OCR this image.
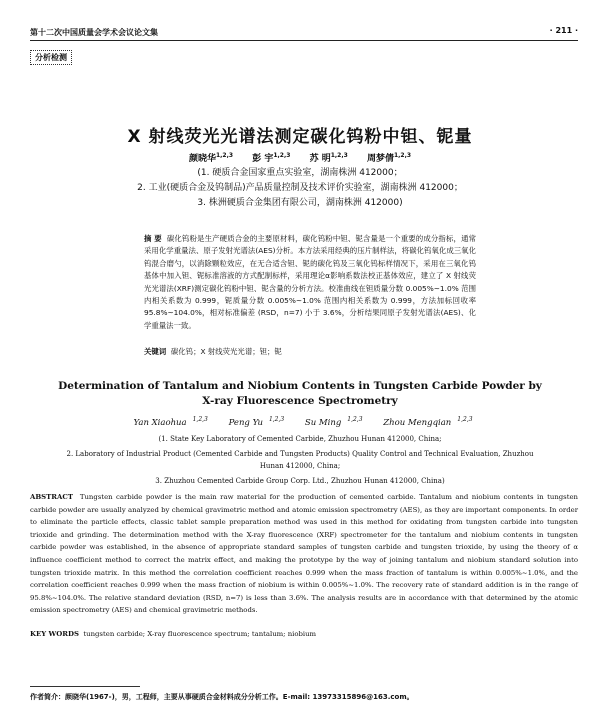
第十二次中国质量会学术会议论文集	· 211 ·
分析检测
X 射线荧光光谱法测定碳化钨粉中钽、铌量
颜晓华$^{1,2,3}$ 彭 宇$^{1,2,3}$ 苏 明$^{1,2,3}$ 周梦倩$^{1,2,3}$
(1. 硬质合金国家重点实验室，湖南株洲 412000；
2. 工业(硬质合金及钨制品)产品质量控制及技术评价实验室，湖南株洲 412000；
3. 株洲硬质合金集团有限公司，湖南株洲 412000)
摘 要 碳化钨粉是生产硬质合金的主要原材料，碳化钨粉中钽、铌含量是一个重要的成分指标，通常采用化学重量法、原子发射光谱法(AES)分析。本方法采用经典的压片制样法，将碳化钨氧化成三氧化钨混合磨勺，以消除颗粒效应，在无合适含钽、铌的碳化钨及三氧化钨标样情况下，采用在三氧化钨基体中加入钽、铌标准溶液的方式配制标样，采用理论α影响系数法校正基体效应，建立了 X 射线荧光光谱法(XRF)测定碳化钨粉中钽、铌含量的分析方法。校准曲线在钽质量分数 0.005%~1.0% 范围内相关系数为 0.999，铌质量分数 0.005%~1.0% 范围内相关系数为 0.999，方法加标回收率 95.8%~104.0%，相对标准偏差 (RSD，n=7) 小于 3.6%，分析结果同原子发射光谱法(AES)、化学重量法一致。
关键词 碳化钨；X 射线荧光光谱；钽；铌
Determination of Tantalum and Niobium Contents in Tungsten Carbide Powder by
X-ray Fluorescence Spectrometry
Yan Xiaohua $^{1,2,3}$ Peng Yu $^{1,2,3}$ Su Ming $^{1,2,3}$ Zhou Mengqian $^{1,2,3}$
(1. State Key Laboratory of Cemented Carbide, Zhuzhou Hunan 412000, China;
2. Laboratory of Industrial Product (Cemented Carbide and Tungsten Products) Quality Control and Technical Evaluation, Zhuzhou
Hunan 412000, China;
3. Zhuzhou Cemented Carbide Group Corp. Ltd., Zhuzhou Hunan 412000, China)
ABSTRACT Tungsten carbide powder is the main raw material for the production of cemented carbide. Tantalum and niobium contents in tungsten carbide powder are usually analyzed by chemical gravimetric method and atomic emission spectrometry (AES), as they are important components. In order to eliminate the particle effects, classic tablet sample preparation method was used in this method for oxidating from tungsten carbide into tungsten trioxide and grinding. The determination method with the X-ray fluorescence (XRF) spectrometer for the tantalum and niobium contents in tungsten carbide powder was established, in the absence of appropriate standard samples of tungsten carbide and tungsten trioxide, by using the theory of α influence coefficient method to correct the matrix effect, and making the prototype by the way of joining tantalum and niobium standard solution into tungsten trioxide matrix. In this method the correlation coefficient reaches 0.999 when the mass fraction of tantalum is within 0.005%~1.0%, and the correlation coefficient reaches 0.999 when the mass fraction of niobium is within 0.005%~1.0%. The recovery rate of standard addition is in the range of 95.8%~104.0%. The relative standard deviation (RSD, n=7) is less than 3.6%. The analysis results are in accordance with that determined by the atomic emission spectrometry (AES) and chemical gravimetric methods.
KEY WORDS tungsten carbide; X-ray fluorescence spectrum; tantalum; niobium
作者简介：颜晓华(1967-)，男，工程师，主要从事硬质合金材料成分分析工作。E-mail: 13973315896@163.com。
